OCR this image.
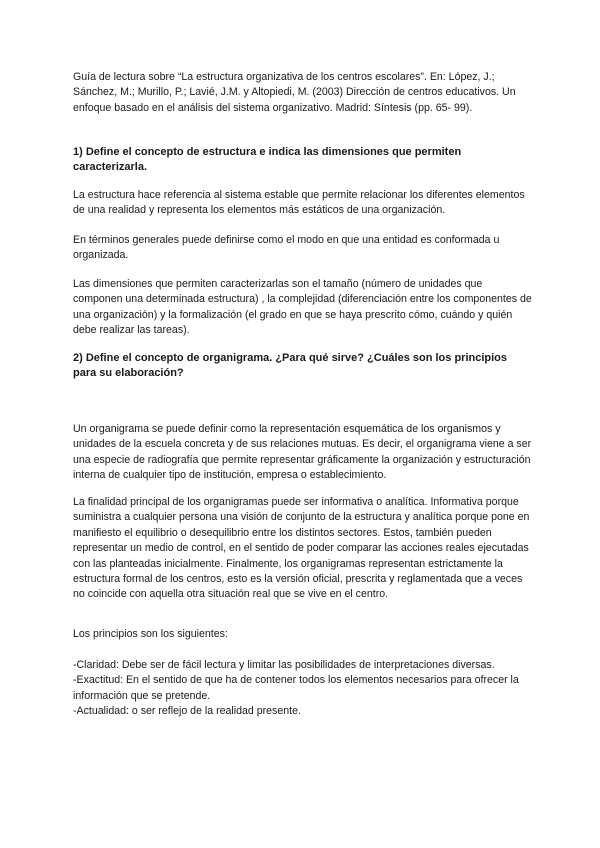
Guía de lectura sobre “La estructura organizativa de los centros escolares”. En: López, J.; Sánchez, M.; Murillo, P.; Lavié, J.M. y Altopiedi, M. (2003) Dirección de centros educativos. Un enfoque basado en el análisis del sistema organizativo. Madrid: Síntesis (pp. 65- 99).

1) Define el concepto de estructura e indica las dimensiones que permiten caracterizarla.

La estructura hace referencia al sistema estable que permite relacionar los diferentes elementos de una realidad y representa los elementos más estáticos de una organización.

En términos generales puede definirse como el modo en que una entidad es conformada u organizada.

Las dimensiones que permiten caracterizarlas son el tamaño (número de unidades que componen una determinada estructura) , la complejidad (diferenciación entre los componentes de una organización) y la formalización (el grado en que se haya prescrito cómo, cuándo y quién debe realizar las tareas).

2) Define el concepto de organigrama. ¿Para qué sirve? ¿Cuáles son los principios para su elaboración?

Un organigrama se puede definir como la representación esquemática de los organismos y unidades de la escuela concreta y de sus relaciones mutuas. Es decir, el organigrama viene a ser una especie de radiografía que permite representar gráficamente la organización y estructuración interna de cualquier tipo de institución, empresa o establecimiento.

La finalidad principal de los organigramas puede ser informativa o analítica. Informativa porque suministra a cualquier persona una visión de conjunto de la estructura y analítica porque pone en manifiesto el equilibrio o desequilibrio entre los distintos sectores. Estos, también pueden representar un medio de control, en el sentido de poder comparar las acciones reales ejecutadas con las planteadas inicialmente. Finalmente, los organigramas representan estrictamente la estructura formal de los centros, esto es la versión oficial, prescrita y reglamentada que a veces no coincide con aquella otra situación real que se vive en el centro.

Los principios son los siguientes:

-Claridad: Debe ser de fácil lectura y limitar las posibilidades de interpretaciones diversas.
-Exactitud: En el sentido de que ha de contener todos los elementos necesarios para ofrecer la información que se pretende.
-Actualidad: o ser reflejo de la realidad presente.
